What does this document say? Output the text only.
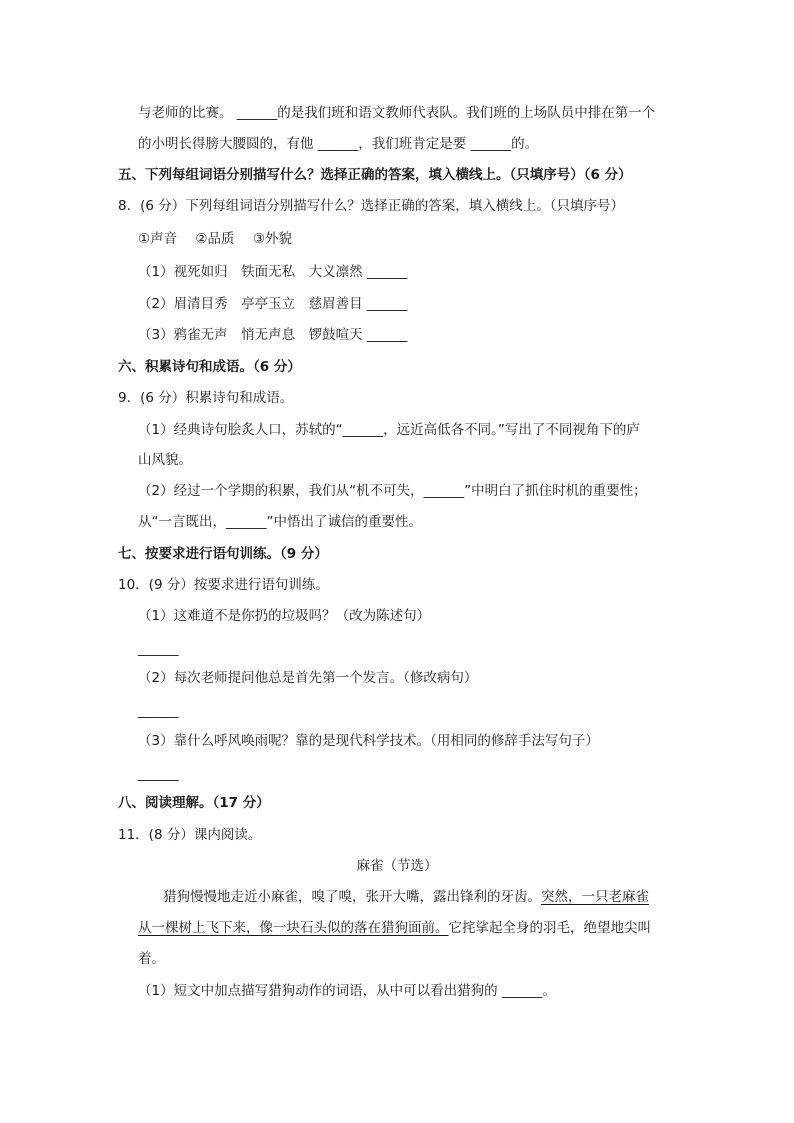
与老师的比赛。 ______的是我们班和语文教师代表队。我们班的上场队员中排在第一个
的小明长得膀大腰圆的，有他 ______，我们班肯定是要 ______的。
五、下列每组词语分别描写什么？选择正确的答案，填入横线上。（只填序号）（6 分）
8．(6 分）下列每组词语分别描写什么？选择正确的答案，填入横线上。（只填序号）
①声音 ②品质 ③外貌
（1）视死如归　铁面无私　大义凛然 ______
（2）眉清目秀　亭亭玉立　慈眉善目 ______
（3）鸦雀无声　悄无声息　锣鼓喧天 ______
六、积累诗句和成语。（6 分）
9．(6 分）积累诗句和成语。
（1）经典诗句脍炙人口，苏轼的“______，远近高低各不同。”写出了不同视角下的庐
山风貌。
（2）经过一个学期的积累，我们从“机不可失，______”中明白了抓住时机的重要性；
从“一言既出，______”中悟出了诚信的重要性。
七、按要求进行语句训练。（9 分）
10．(9 分）按要求进行语句训练。
（1）这难道不是你扔的垃圾吗？（改为陈述句）
______
（2）每次老师提问他总是首先第一个发言。（修改病句）
______
（3）靠什么呼风唤雨呢？靠的是现代科学技术。（用相同的修辞手法写句子）
______
八、阅读理解。（17 分）
11．(8 分）课内阅读。
麻雀（节选）
猎狗慢慢地走近小麻雀，嗅了嗅，张开大嘴，露出锋利的牙齿。突然，一只老麻雀
从一棵树上飞下来，像一块石头似的落在猎狗面前。它挓挲起全身的羽毛，绝望地尖叫
着。
（1）短文中加点描写猎狗动作的词语，从中可以看出猎狗的 ______。
